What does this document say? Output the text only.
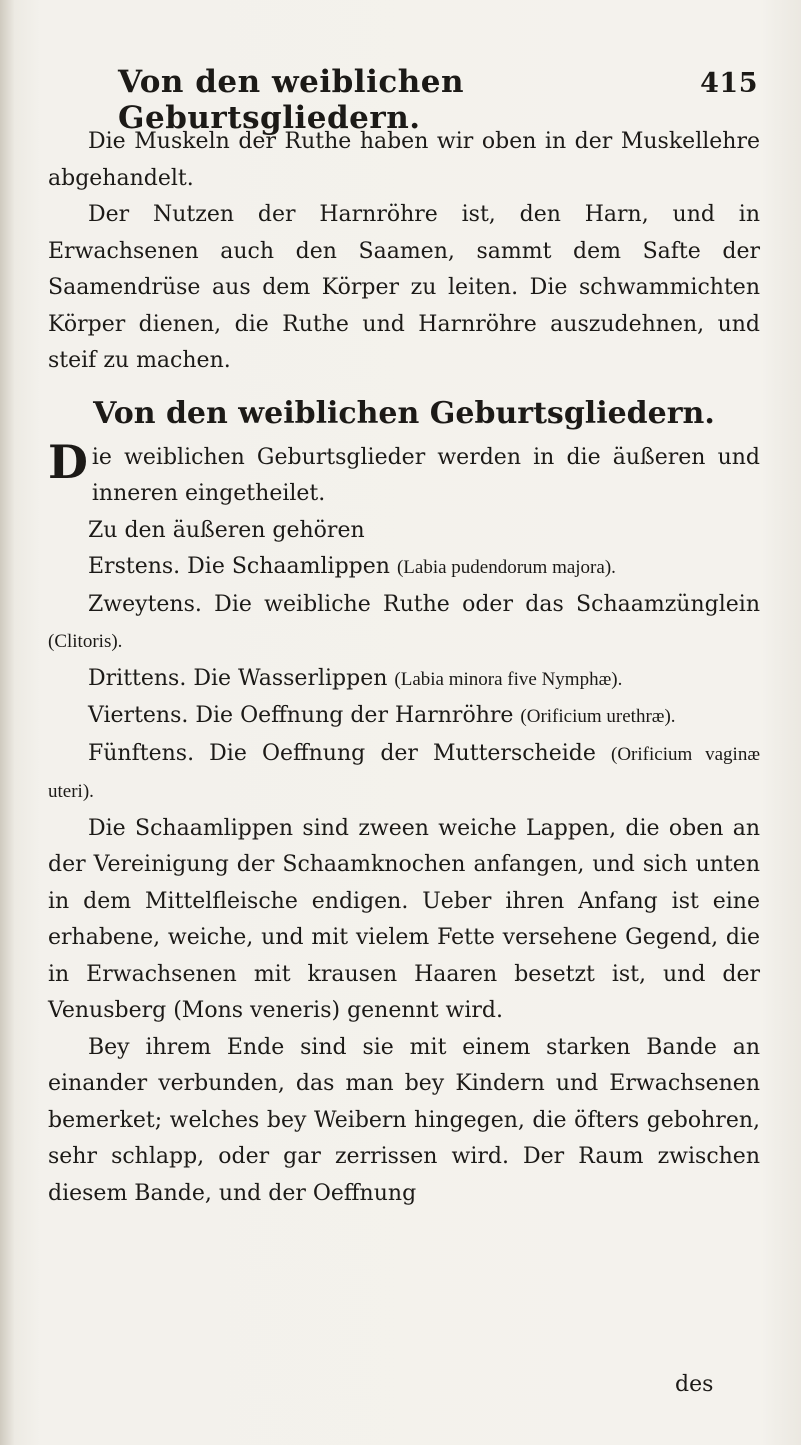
Von den weiblichen Geburtsgliedern.
415

Die Muskeln der Ruthe haben wir oben in der Muskellehre abgehandelt.

Der Nutzen der Harnröhre ist, den Harn, und in Erwachsenen auch den Saamen, sammt dem Safte der Saamendrüse aus dem Körper zu leiten. Die schwammichten Körper dienen, die Ruthe und Harnröhre auszudehnen, und steif zu machen.

Von den weiblichen Geburtsgliedern.

Die weiblichen Geburtsglieder werden in die äußeren und inneren eingetheilet.

Zu den äußeren gehören

Erstens. Die Schaamlippen (Labia pudendorum majora).

Zweytens. Die weibliche Ruthe oder das Schaamzünglein (Clitoris).

Drittens. Die Wasserlippen (Labia minora five Nymphæ).

Viertens. Die Oeffnung der Harnröhre (Orificium urethræ).

Fünftens. Die Oeffnung der Mutterscheide (Orificium vaginæ uteri).

Die Schaamlippen sind zween weiche Lappen, die oben an der Vereinigung der Schaamknochen anfangen, und sich unten in dem Mittelfleische endigen. Ueber ihren Anfang ist eine erhabene, weiche, und mit vielem Fette versehene Gegend, die in Erwachsenen mit krausen Haaren besetzt ist, und der Venusberg (Mons veneris) genennt wird.

Bey ihrem Ende sind sie mit einem starken Bande an einander verbunden, das man bey Kindern und Erwachsenen bemerket; welches bey Weibern hingegen, die öfters gebohren, sehr schlapp, oder gar zerrissen wird. Der Raum zwischen diesem Bande, und der Oeffnung

des
